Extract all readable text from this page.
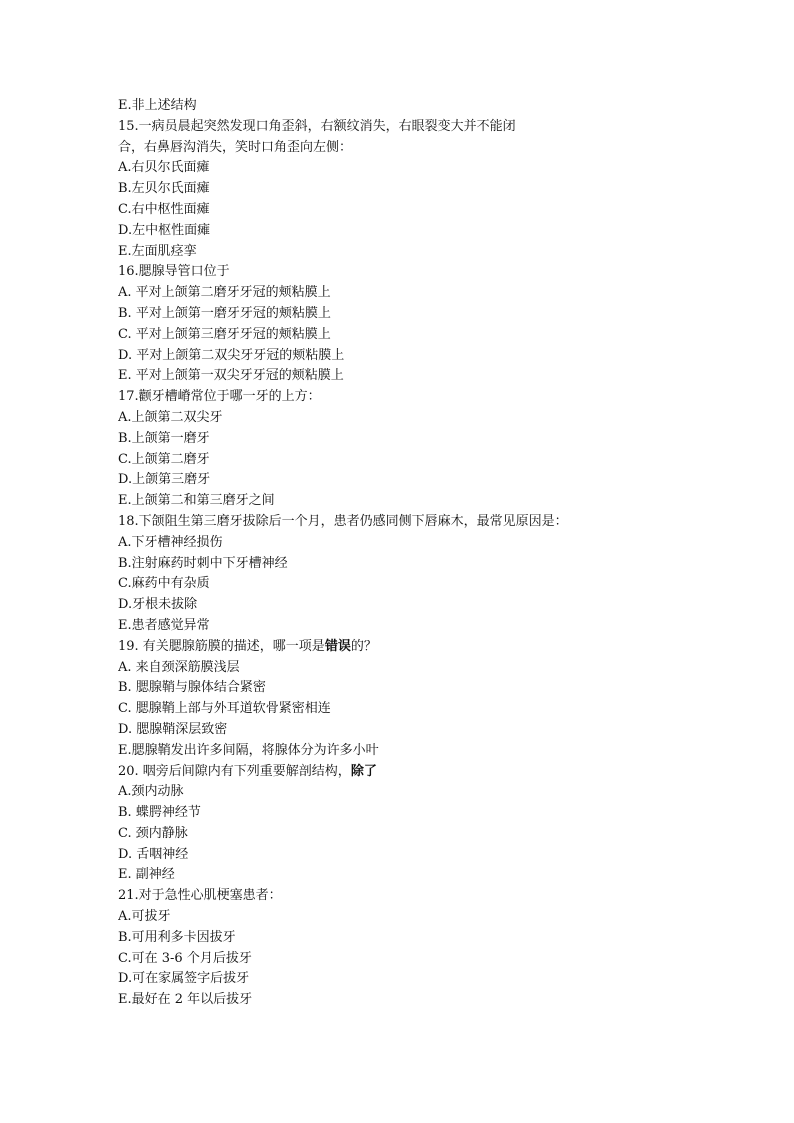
E.非上述结构
15.一病员晨起突然发现口角歪斜，右额纹消失，右眼裂变大并不能闭
合，右鼻唇沟消失，笑时口角歪向左侧：
A.右贝尔氏面瘫
B.左贝尔氏面瘫
C.右中枢性面瘫
D.左中枢性面瘫
E.左面肌痉挛
16.腮腺导管口位于
A. 平对上颌第二磨牙牙冠的颊粘膜上
B. 平对上颌第一磨牙牙冠的颊粘膜上
C. 平对上颌第三磨牙牙冠的颊粘膜上
D. 平对上颌第二双尖牙牙冠的颊粘膜上
E. 平对上颌第一双尖牙牙冠的颊粘膜上
17.颧牙槽嵴常位于哪一牙的上方：
A.上颌第二双尖牙
B.上颌第一磨牙
C.上颌第二磨牙
D.上颌第三磨牙
E.上颌第二和第三磨牙之间
18.下颌阻生第三磨牙拔除后一个月，患者仍感同侧下唇麻木，最常见原因是：
A.下牙槽神经损伤
B.注射麻药时刺中下牙槽神经
C.麻药中有杂质
D.牙根未拔除
E.患者感觉异常
19. 有关腮腺筋膜的描述，哪一项是错误的？
A. 来自颈深筋膜浅层
B. 腮腺鞘与腺体结合紧密
C. 腮腺鞘上部与外耳道软骨紧密相连
D. 腮腺鞘深层致密
E.腮腺鞘发出许多间隔，将腺体分为许多小叶
20. 咽旁后间隙内有下列重要解剖结构，除了
A.颈内动脉
B. 蝶腭神经节
C. 颈内静脉
D. 舌咽神经
E. 副神经
21.对于急性心肌梗塞患者：
A.可拔牙
B.可用利多卡因拔牙
C.可在 3-6 个月后拔牙
D.可在家属签字后拔牙
E.最好在 2 年以后拔牙
